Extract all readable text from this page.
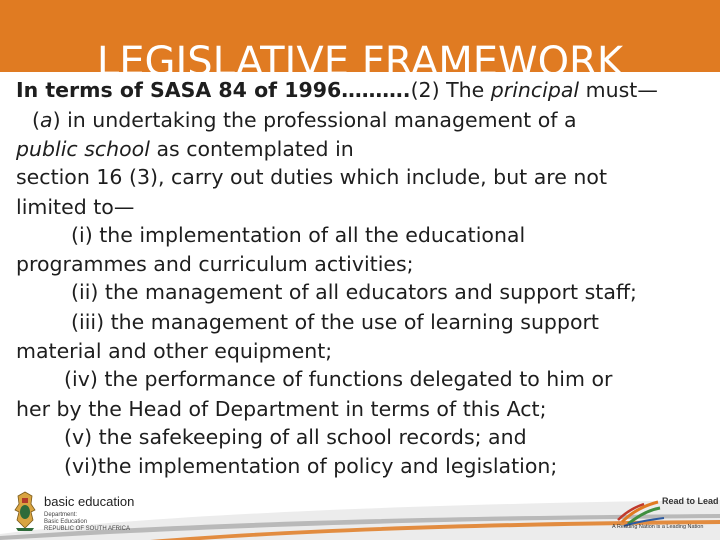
LEGISLATIVE FRAMEWORK

In terms of SASA 84 of 1996……….(2) The principal must—

(a) in undertaking the professional management of a

public school as contemplated in

section 16 (3), carry out duties which include, but are not

limited to—

(i) the implementation of all the educational

programmes and curriculum activities;

(ii) the management of all educators and support staff;

(iii) the management of the use of learning support

material and other equipment;

(iv) the performance of functions delegated to him or

her by the Head of Department in terms of this Act;

(v) the safekeeping of all school records; and

(vi)the implementation of policy and legislation;

basic education
Department:
Basic Education
REPUBLIC OF SOUTH AFRICA
Read to Lead
A Reading Nation is a Leading Nation
